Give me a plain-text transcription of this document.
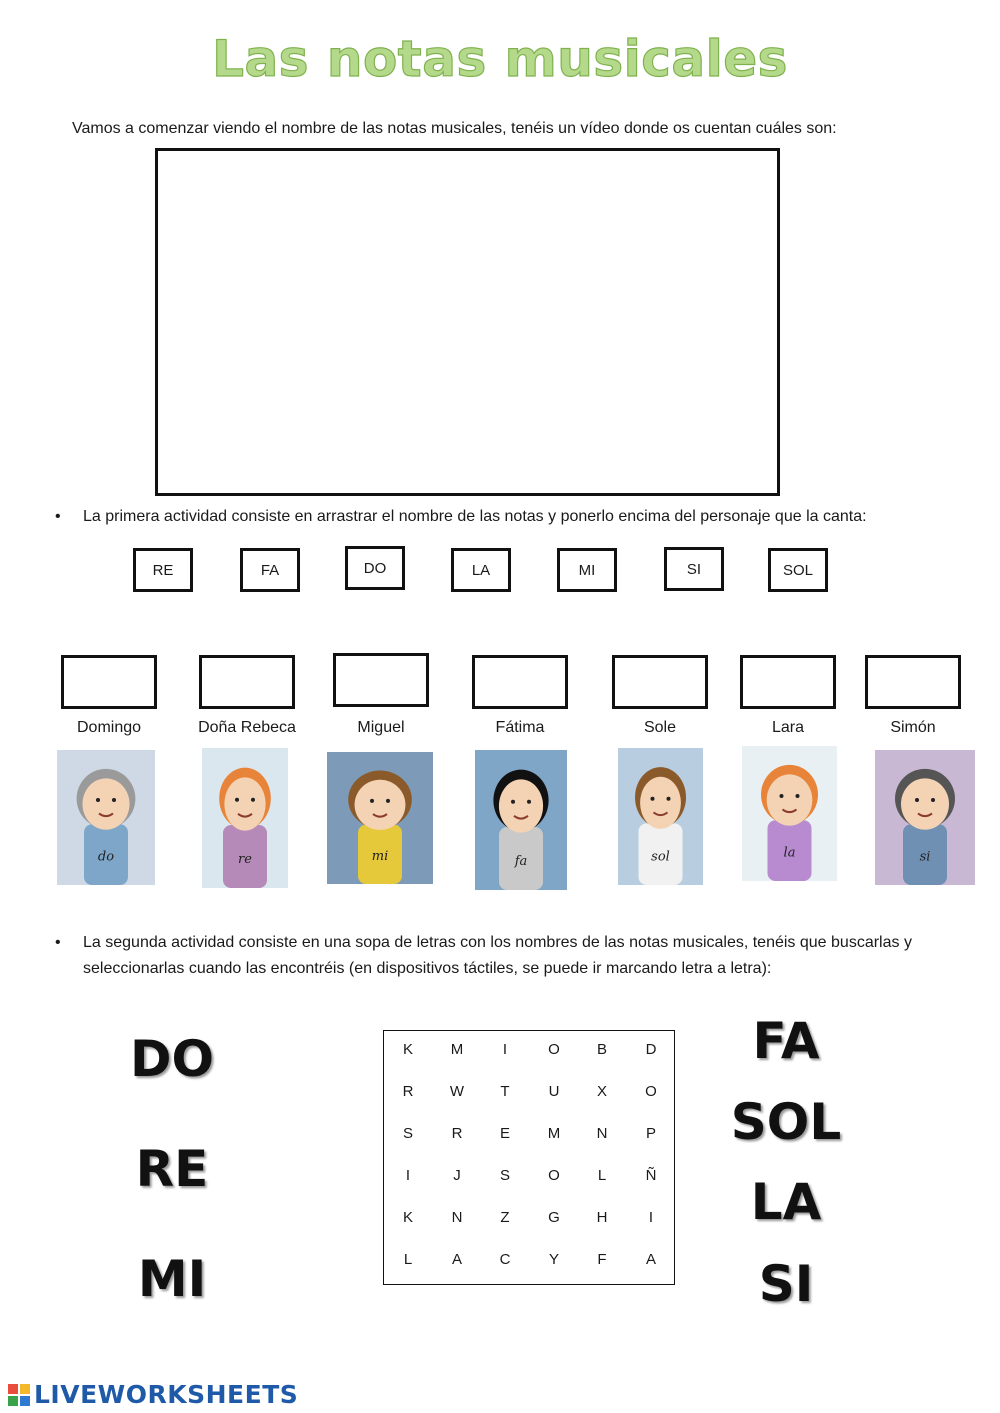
Las notas musicales
Vamos a comenzar viendo el nombre de las notas musicales, tenéis un vídeo donde os cuentan cuáles son:
• La primera actividad consiste en arrastrar el nombre de las notas y ponerlo encima del personaje que la canta:
RE	FA	DO	LA	MI	SI	SOL
Domingo	Doña Rebeca	Miguel	Fátima	Sole	Lara	Simón
do	re	mi	fa	sol	la	si
• La segunda actividad consiste en una sopa de letras con los nombres de las notas musicales, tenéis que buscarlas y
seleccionarlas cuando las encontréis (en dispositivos táctiles, se puede ir marcando letra a letra):
DO
RE
MI
FA
SOL
LA
SI
K	M	I	O	B	D
R	W	T	U	X	O
S	R	E	M	N	P
I	J	S	O	L	Ñ
K	N	Z	G	H	I
L	A	C	Y	F	A
LIVEWORKSHEETS
